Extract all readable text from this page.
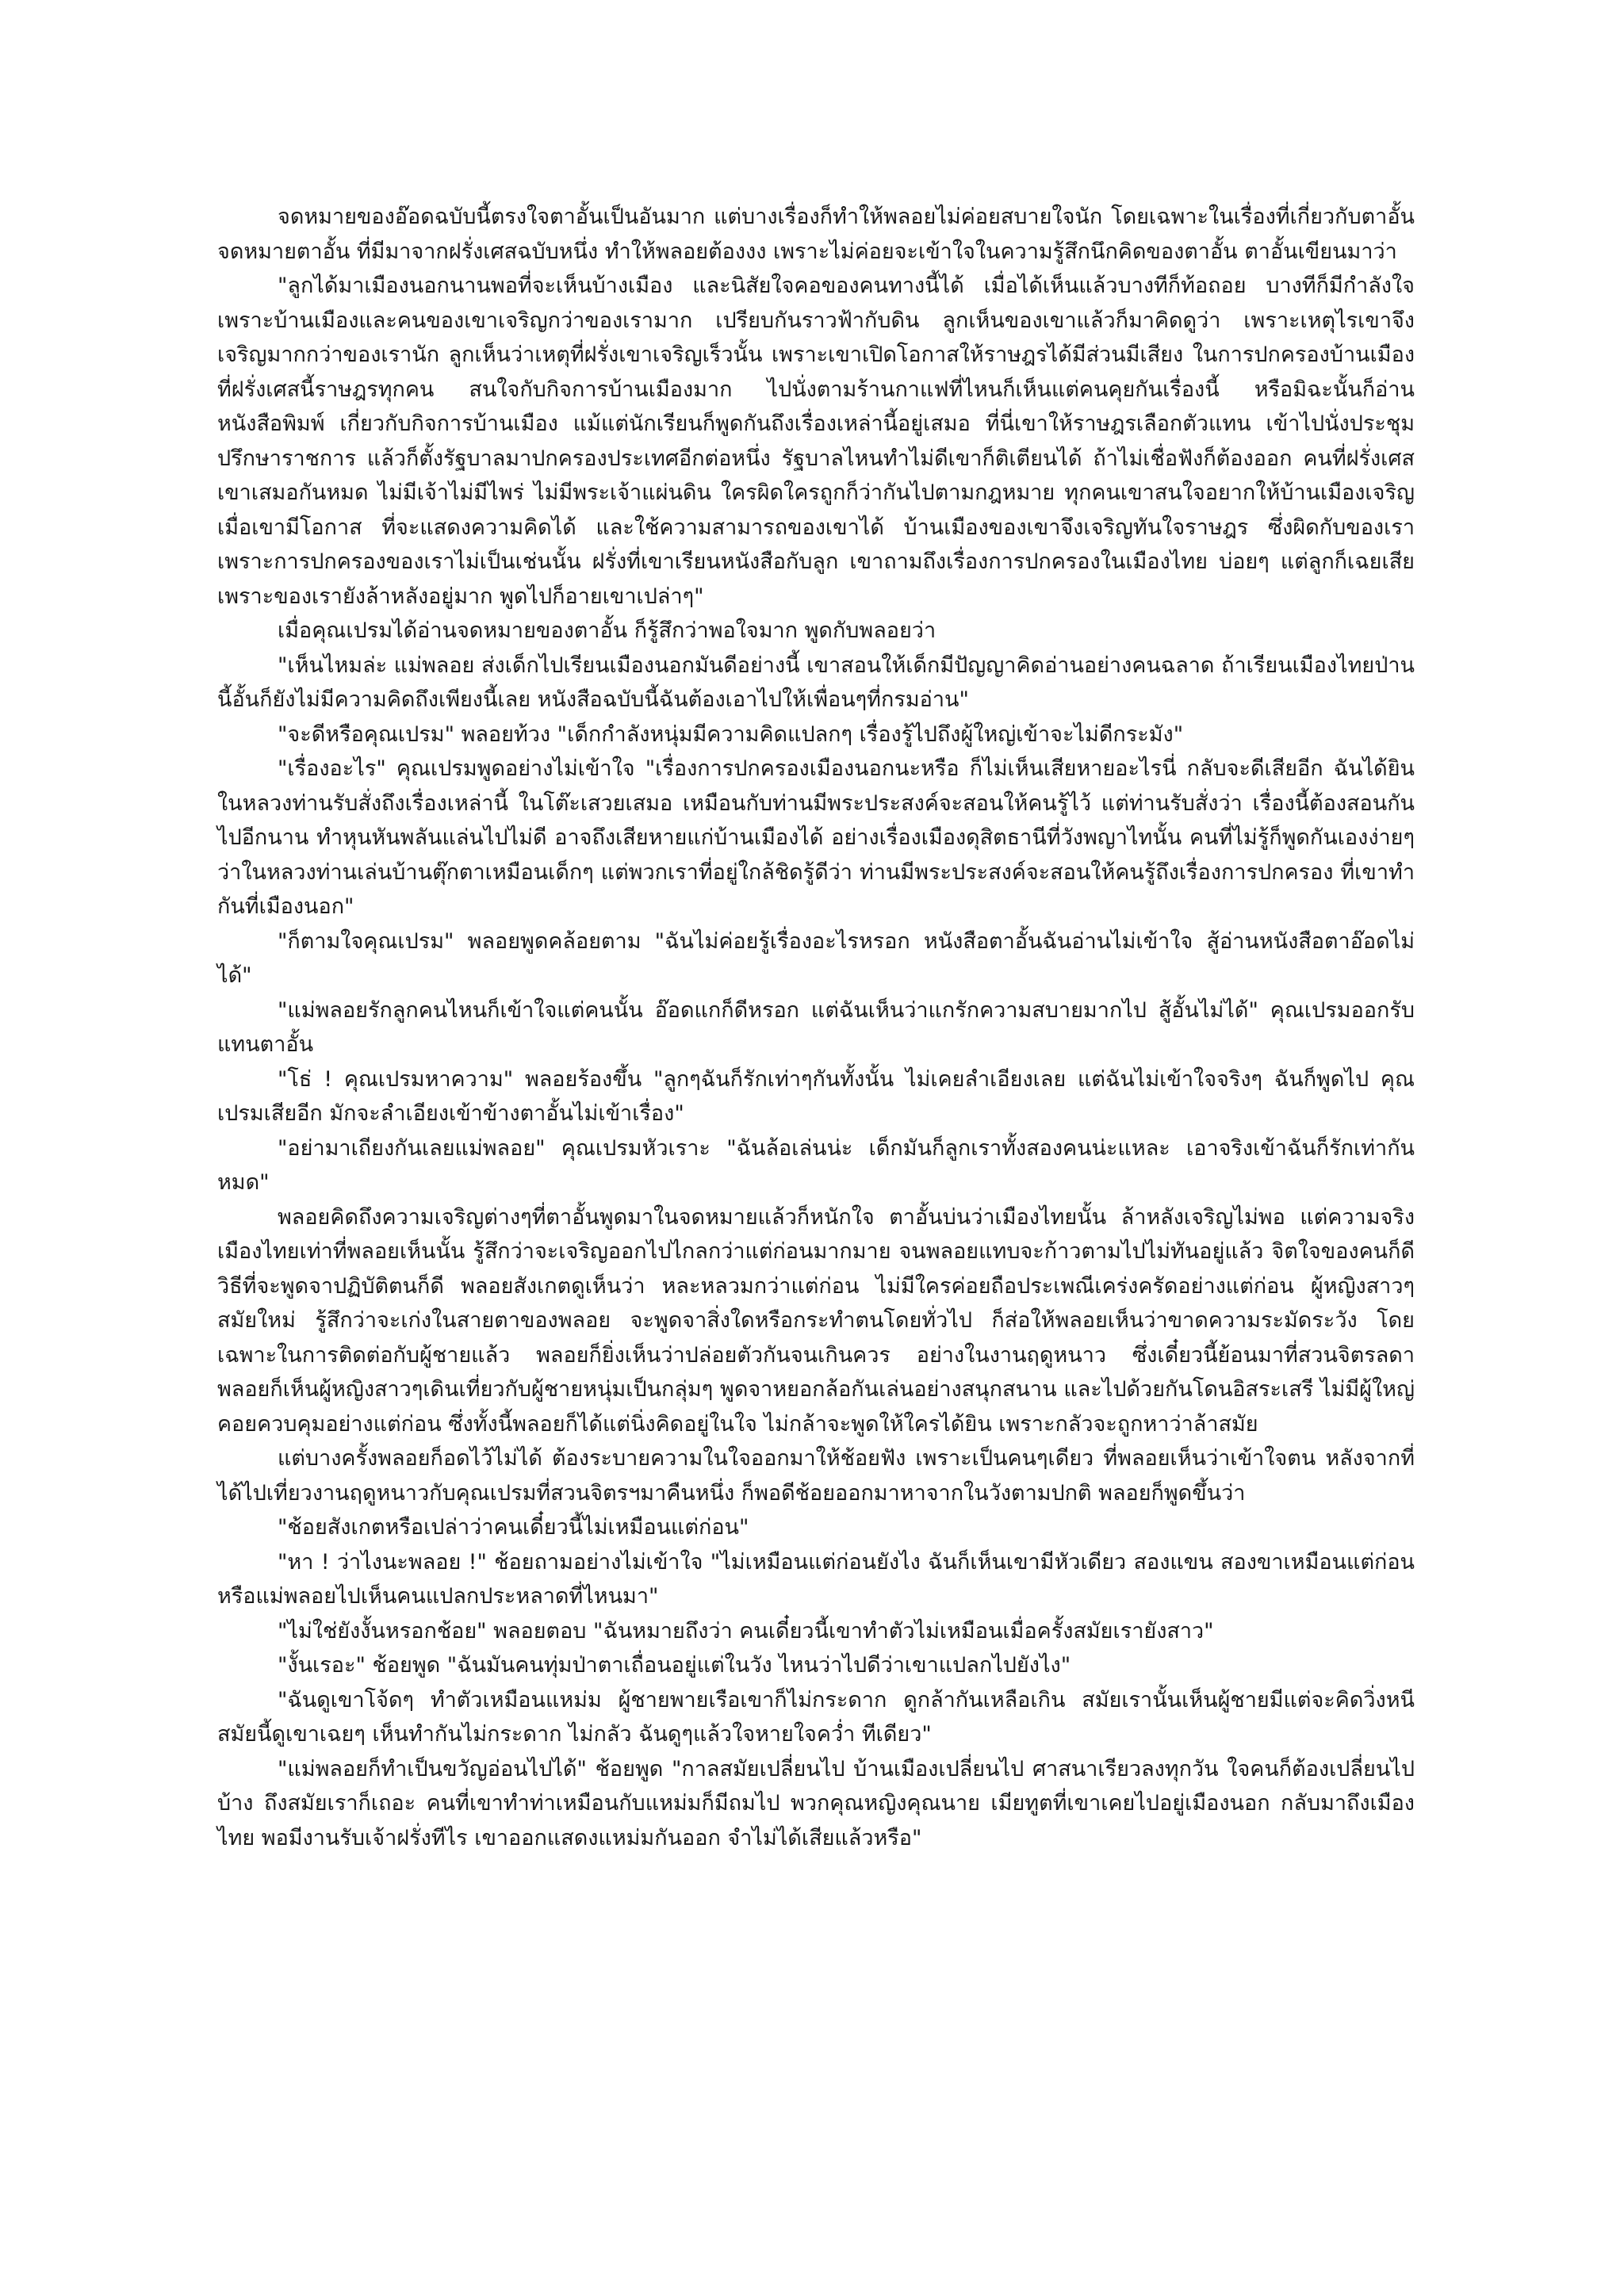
จดหมายของอ๊อดฉบับนี้ตรงใจตาอั้นเป็นอันมาก แต่บางเรื่องก็ทำให้พลอยไม่ค่อยสบายใจนัก โดยเฉพาะในเรื่องที่เกี่ยวกับตาอั้น จดหมายตาอั้น ที่มีมาจากฝรั่งเศสฉบับหนึ่ง ทำให้พลอยต้องงง เพราะไม่ค่อยจะเข้าใจในความรู้สึกนึกคิดของตาอั้น ตาอั้นเขียนมาว่า

"ลูกได้มาเมืองนอกนานพอที่จะเห็นบ้างเมือง และนิสัยใจคอของคนทางนี้ได้ เมื่อได้เห็นแล้วบางทีก็ท้อถอย บางทีก็มีกำลังใจ เพราะบ้านเมืองและคนของเขาเจริญกว่าของเรามาก เปรียบกันราวฟ้ากับดิน ลูกเห็นของเขาแล้วก็มาคิดดูว่า เพราะเหตุไรเขาจึงเจริญมากกว่าของเรานัก ลูกเห็นว่าเหตุที่ฝรั่งเขาเจริญเร็วนั้น เพราะเขาเปิดโอกาสให้ราษฎรได้มีส่วนมีเสียง ในการปกครองบ้านเมือง ที่ฝรั่งเศสนี้ราษฎรทุกคน สนใจกับกิจการบ้านเมืองมาก ไปนั่งตามร้านกาแฟที่ไหนก็เห็นแต่คนคุยกันเรื่องนี้ หรือมิฉะนั้นก็อ่านหนังสือพิมพ์ เกี่ยวกับกิจการบ้านเมือง แม้แต่นักเรียนก็พูดกันถึงเรื่องเหล่านี้อยู่เสมอ ที่นี่เขาให้ราษฎรเลือกตัวแทน เข้าไปนั่งประชุมปรึกษาราชการ แล้วก็ตั้งรัฐบาลมาปกครองประเทศอีกต่อหนึ่ง รัฐบาลไหนทำไม่ดีเขาก็ติเตียนได้ ถ้าไม่เชื่อฟังก็ต้องออก คนที่ฝรั่งเศสเขาเสมอกันหมด ไม่มีเจ้าไม่มีไพร่ ไม่มีพระเจ้าแผ่นดิน ใครผิดใครถูกก็ว่ากันไปตามกฎหมาย ทุกคนเขาสนใจอยากให้บ้านเมืองเจริญ เมื่อเขามีโอกาส ที่จะแสดงความคิดได้ และใช้ความสามารถของเขาได้ บ้านเมืองของเขาจึงเจริญทันใจราษฎร ซึ่งผิดกับของเรา เพราะการปกครองของเราไม่เป็นเช่นนั้น ฝรั่งที่เขาเรียนหนังสือกับลูก เขาถามถึงเรื่องการปกครองในเมืองไทย บ่อยๆ แต่ลูกก็เฉยเสีย เพราะของเรายังล้าหลังอยู่มาก พูดไปก็อายเขาเปล่าๆ"

เมื่อคุณเปรมได้อ่านจดหมายของตาอั้น ก็รู้สึกว่าพอใจมาก พูดกับพลอยว่า

"เห็นไหมล่ะ แม่พลอย ส่งเด็กไปเรียนเมืองนอกมันดีอย่างนี้ เขาสอนให้เด็กมีปัญญาคิดอ่านอย่างคนฉลาด ถ้าเรียนเมืองไทยป่านนี้อั้นก็ยังไม่มีความคิดถึงเพียงนี้เลย หนังสือฉบับนี้ฉันต้องเอาไปให้เพื่อนๆที่กรมอ่าน"

"จะดีหรือคุณเปรม" พลอยท้วง "เด็กกำลังหนุ่มมีความคิดแปลกๆ เรื่องรู้ไปถึงผู้ใหญ่เข้าจะไม่ดีกระมัง"

"เรื่องอะไร" คุณเปรมพูดอย่างไม่เข้าใจ "เรื่องการปกครองเมืองนอกนะหรือ ก็ไม่เห็นเสียหายอะไรนี่ กลับจะดีเสียอีก ฉันได้ยินในหลวงท่านรับสั่งถึงเรื่องเหล่านี้ ในโต๊ะเสวยเสมอ เหมือนกับท่านมีพระประสงค์จะสอนให้คนรู้ไว้ แต่ท่านรับสั่งว่า เรื่องนี้ต้องสอนกันไปอีกนาน ทำหุนหันพลันแล่นไปไม่ดี อาจถึงเสียหายแก่บ้านเมืองได้ อย่างเรื่องเมืองดุสิตธานีที่วังพญาไทนั้น คนที่ไม่รู้ก็พูดกันเองง่ายๆ ว่าในหลวงท่านเล่นบ้านตุ๊กตาเหมือนเด็กๆ แต่พวกเราที่อยู่ใกล้ชิดรู้ดีว่า ท่านมีพระประสงค์จะสอนให้คนรู้ถึงเรื่องการปกครอง ที่เขาทำกันที่เมืองนอก"

"ก็ตามใจคุณเปรม" พลอยพูดคล้อยตาม "ฉันไม่ค่อยรู้เรื่องอะไรหรอก หนังสือตาอั้นฉันอ่านไม่เข้าใจ สู้อ่านหนังสือตาอ๊อดไม่ได้"

"แม่พลอยรักลูกคนไหนก็เข้าใจแต่คนนั้น อ๊อดแกก็ดีหรอก แต่ฉันเห็นว่าแกรักความสบายมากไป สู้อั้นไม่ได้" คุณเปรมออกรับแทนตาอั้น

"โธ่ ! คุณเปรมหาความ" พลอยร้องขึ้น "ลูกๆฉันก็รักเท่าๆกันทั้งนั้น ไม่เคยลำเอียงเลย แต่ฉันไม่เข้าใจจริงๆ ฉันก็พูดไป คุณเปรมเสียอีก มักจะลำเอียงเข้าข้างตาอั้นไม่เข้าเรื่อง"

"อย่ามาเถียงกันเลยแม่พลอย" คุณเปรมหัวเราะ "ฉันล้อเล่นน่ะ เด็กมันก็ลูกเราทั้งสองคนน่ะแหละ เอาจริงเข้าฉันก็รักเท่ากันหมด"

พลอยคิดถึงความเจริญต่างๆที่ตาอั้นพูดมาในจดหมายแล้วก็หนักใจ ตาอั้นบ่นว่าเมืองไทยนั้น ล้าหลังเจริญไม่พอ แต่ความจริงเมืองไทยเท่าที่พลอยเห็นนั้น รู้สึกว่าจะเจริญออกไปไกลกว่าแต่ก่อนมากมาย จนพลอยแทบจะก้าวตามไปไม่ทันอยู่แล้ว จิตใจของคนก็ดี วิธีที่จะพูดจาปฏิบัติตนก็ดี พลอยสังเกตดูเห็นว่า หละหลวมกว่าแต่ก่อน ไม่มีใครค่อยถือประเพณีเคร่งครัดอย่างแต่ก่อน ผู้หญิงสาวๆ สมัยใหม่ รู้สึกว่าจะเก่งในสายตาของพลอย จะพูดจาสิ่งใดหรือกระทำตนโดยทั่วไป ก็ส่อให้พลอยเห็นว่าขาดความระมัดระวัง โดยเฉพาะในการติดต่อกับผู้ชายแล้ว พลอยก็ยิ่งเห็นว่าปล่อยตัวกันจนเกินควร อย่างในงานฤดูหนาว ซึ่งเดี๋ยวนี้ย้อนมาที่สวนจิตรลดา พลอยก็เห็นผู้หญิงสาวๆเดินเที่ยวกับผู้ชายหนุ่มเป็นกลุ่มๆ พูดจาหยอกล้อกันเล่นอย่างสนุกสนาน และไปด้วยกันโดนอิสระเสรี ไม่มีผู้ใหญ่คอยควบคุมอย่างแต่ก่อน ซึ่งทั้งนี้พลอยก็ได้แต่นิ่งคิดอยู่ในใจ ไม่กล้าจะพูดให้ใครได้ยิน เพราะกลัวจะถูกหาว่าล้าสมัย

แต่บางครั้งพลอยก็อดไว้ไม่ได้ ต้องระบายความในใจออกมาให้ช้อยฟัง เพราะเป็นคนๆเดียว ที่พลอยเห็นว่าเข้าใจตน หลังจากที่ได้ไปเที่ยวงานฤดูหนาวกับคุณเปรมที่สวนจิตรฯมาคืนหนึ่ง ก็พอดีช้อยออกมาหาจากในวังตามปกติ พลอยก็พูดขึ้นว่า

"ช้อยสังเกตหรือเปล่าว่าคนเดี๋ยวนี้ไม่เหมือนแต่ก่อน"

"หา ! ว่าไงนะพลอย !" ช้อยถามอย่างไม่เข้าใจ "ไม่เหมือนแต่ก่อนยังไง ฉันก็เห็นเขามีหัวเดียว สองแขน สองขาเหมือนแต่ก่อน หรือแม่พลอยไปเห็นคนแปลกประหลาดที่ไหนมา"

"ไม่ใช่ยังงั้นหรอกช้อย" พลอยตอบ "ฉันหมายถึงว่า คนเดี๋ยวนี้เขาทำตัวไม่เหมือนเมื่อครั้งสมัยเรายังสาว"

"งั้นเรอะ" ช้อยพูด "ฉันมันคนทุ่มป่าตาเถื่อนอยู่แต่ในวัง ไหนว่าไปดีว่าเขาแปลกไปยังไง"

"ฉันดูเขาโจ้ดๆ ทำตัวเหมือนแหม่ม ผู้ชายพายเรือเขาก็ไม่กระดาก ดูกล้ากันเหลือเกิน สมัยเรานั้นเห็นผู้ชายมีแต่จะคิดวิ่งหนี สมัยนี้ดูเขาเฉยๆ เห็นทำกันไม่กระดาก ไม่กลัว ฉันดูๆแล้วใจหายใจคว่ำ ทีเดียว"

"แม่พลอยก็ทำเป็นขวัญอ่อนไปได้" ช้อยพูด "กาลสมัยเปลี่ยนไป บ้านเมืองเปลี่ยนไป ศาสนาเรียวลงทุกวัน ใจคนก็ต้องเปลี่ยนไปบ้าง ถึงสมัยเราก็เถอะ คนที่เขาทำท่าเหมือนกับแหม่มก็มีถมไป พวกคุณหญิงคุณนาย เมียทูตที่เขาเคยไปอยู่เมืองนอก กลับมาถึงเมืองไทย พอมีงานรับเจ้าฝรั่งทีไร เขาออกแสดงแหม่มกันออก จำไม่ได้เสียแล้วหรือ"
